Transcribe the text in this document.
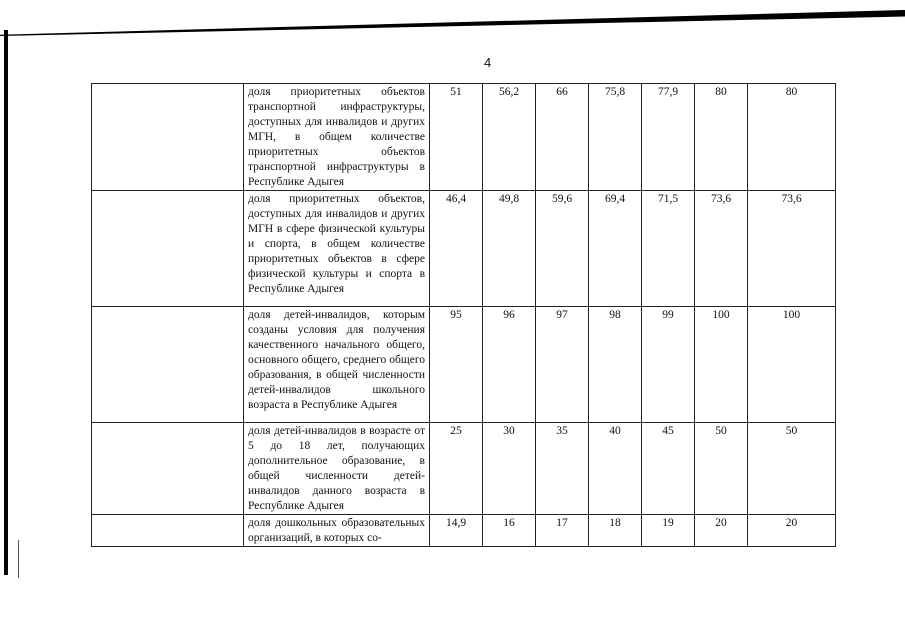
4
	доля приоритетных объектов транспортной инфраструктуры, доступных для инвалидов и других МГН, в общем количестве приоритетных объектов транспортной инфраструктуры в Республике Адыгея	51	56,2	66	75,8	77,9	80	80
	доля приоритетных объектов, доступных для инвалидов и других МГН в сфере физической культуры и спорта, в общем количестве приоритетных объектов в сфере физической культуры и спорта в Республике Адыгея	46,4	49,8	59,6	69,4	71,5	73,6	73,6
	доля детей-инвалидов, которым созданы условия для получения качественного начального общего, основного общего, среднего общего образования, в общей численности детей-инвалидов школьного возраста в Республике Адыгея	95	96	97	98	99	100	100
	доля детей-инвалидов в возрасте от 5 до 18 лет, получающих дополнительное образование, в общей численности детей-инвалидов данного возраста в Республике Адыгея	25	30	35	40	45	50	50
	доля дошкольных образовательных организаций, в которых со-	14,9	16	17	18	19	20	20
